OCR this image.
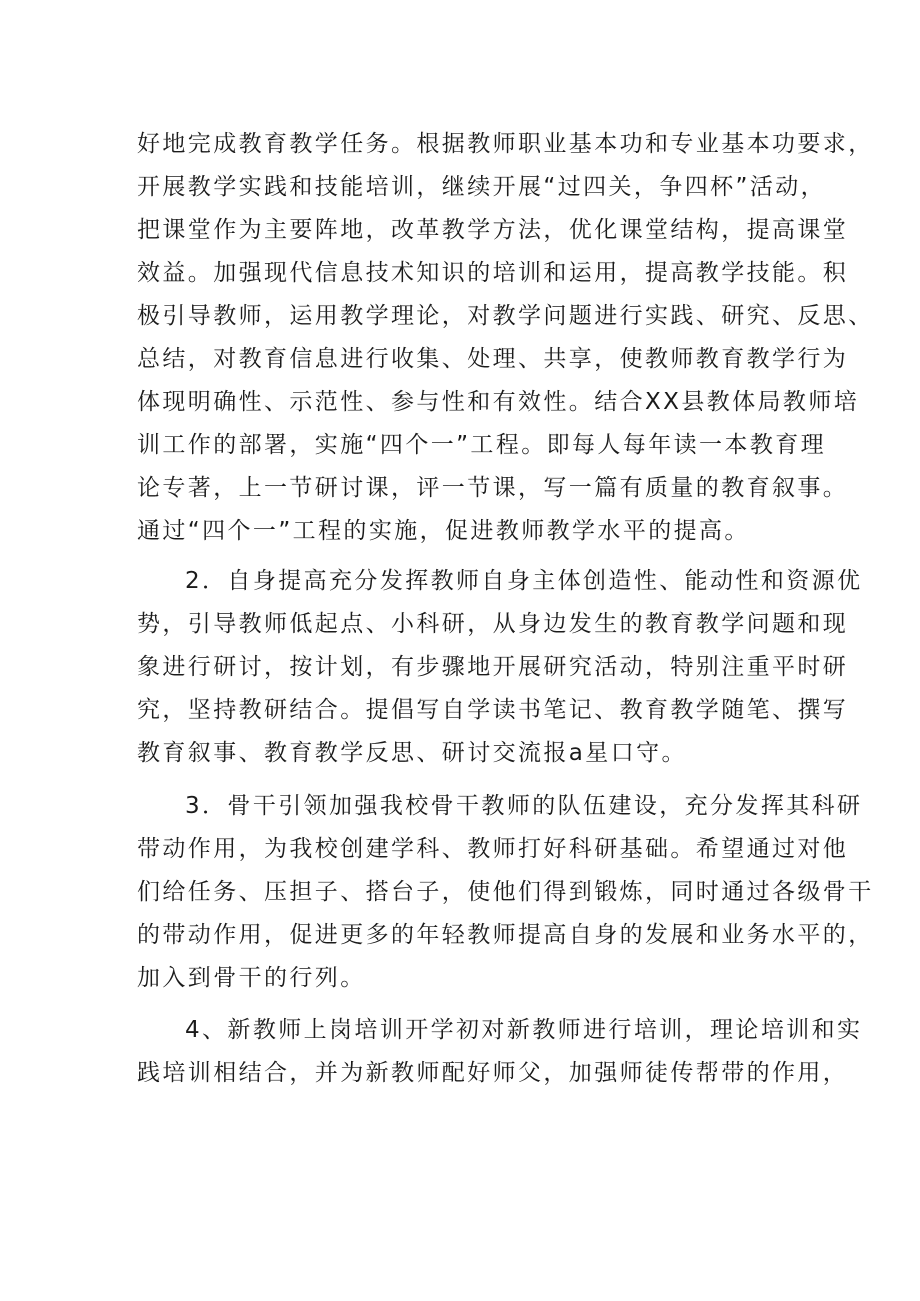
好地完成教育教学任务。根据教师职业基本功和专业基本功要求，
开展教学实践和技能培训，继续开展“过四关，争四杯”活动，
把课堂作为主要阵地，改革教学方法，优化课堂结构，提高课堂
效益。加强现代信息技术知识的培训和运用，提高教学技能。积
极引导教师，运用教学理论，对教学问题进行实践、研究、反思、
总结，对教育信息进行收集、处理、共享，使教师教育教学行为
体现明确性、示范性、参与性和有效性。结合XX县教体局教师培
训工作的部署，实施“四个一”工程。即每人每年读一本教育理
论专著，上一节研讨课，评一节课，写一篇有质量的教育叙事。
通过“四个一”工程的实施，促进教师教学水平的提高。
2．自身提高充分发挥教师自身主体创造性、能动性和资源优
势，引导教师低起点、小科研，从身边发生的教育教学问题和现
象进行研讨，按计划，有步骤地开展研究活动，特别注重平时研
究，坚持教研结合。提倡写自学读书笔记、教育教学随笔、撰写
教育叙事、教育教学反思、研讨交流报a星口守。
3．骨干引领加强我校骨干教师的队伍建设，充分发挥其科研
带动作用，为我校创建学科、教师打好科研基础。希望通过对他
们给任务、压担子、搭台子，使他们得到锻炼，同时通过各级骨干
的带动作用，促进更多的年轻教师提高自身的发展和业务水平的，
加入到骨干的行列。
4、新教师上岗培训开学初对新教师进行培训，理论培训和实
践培训相结合，并为新教师配好师父，加强师徒传帮带的作用，
